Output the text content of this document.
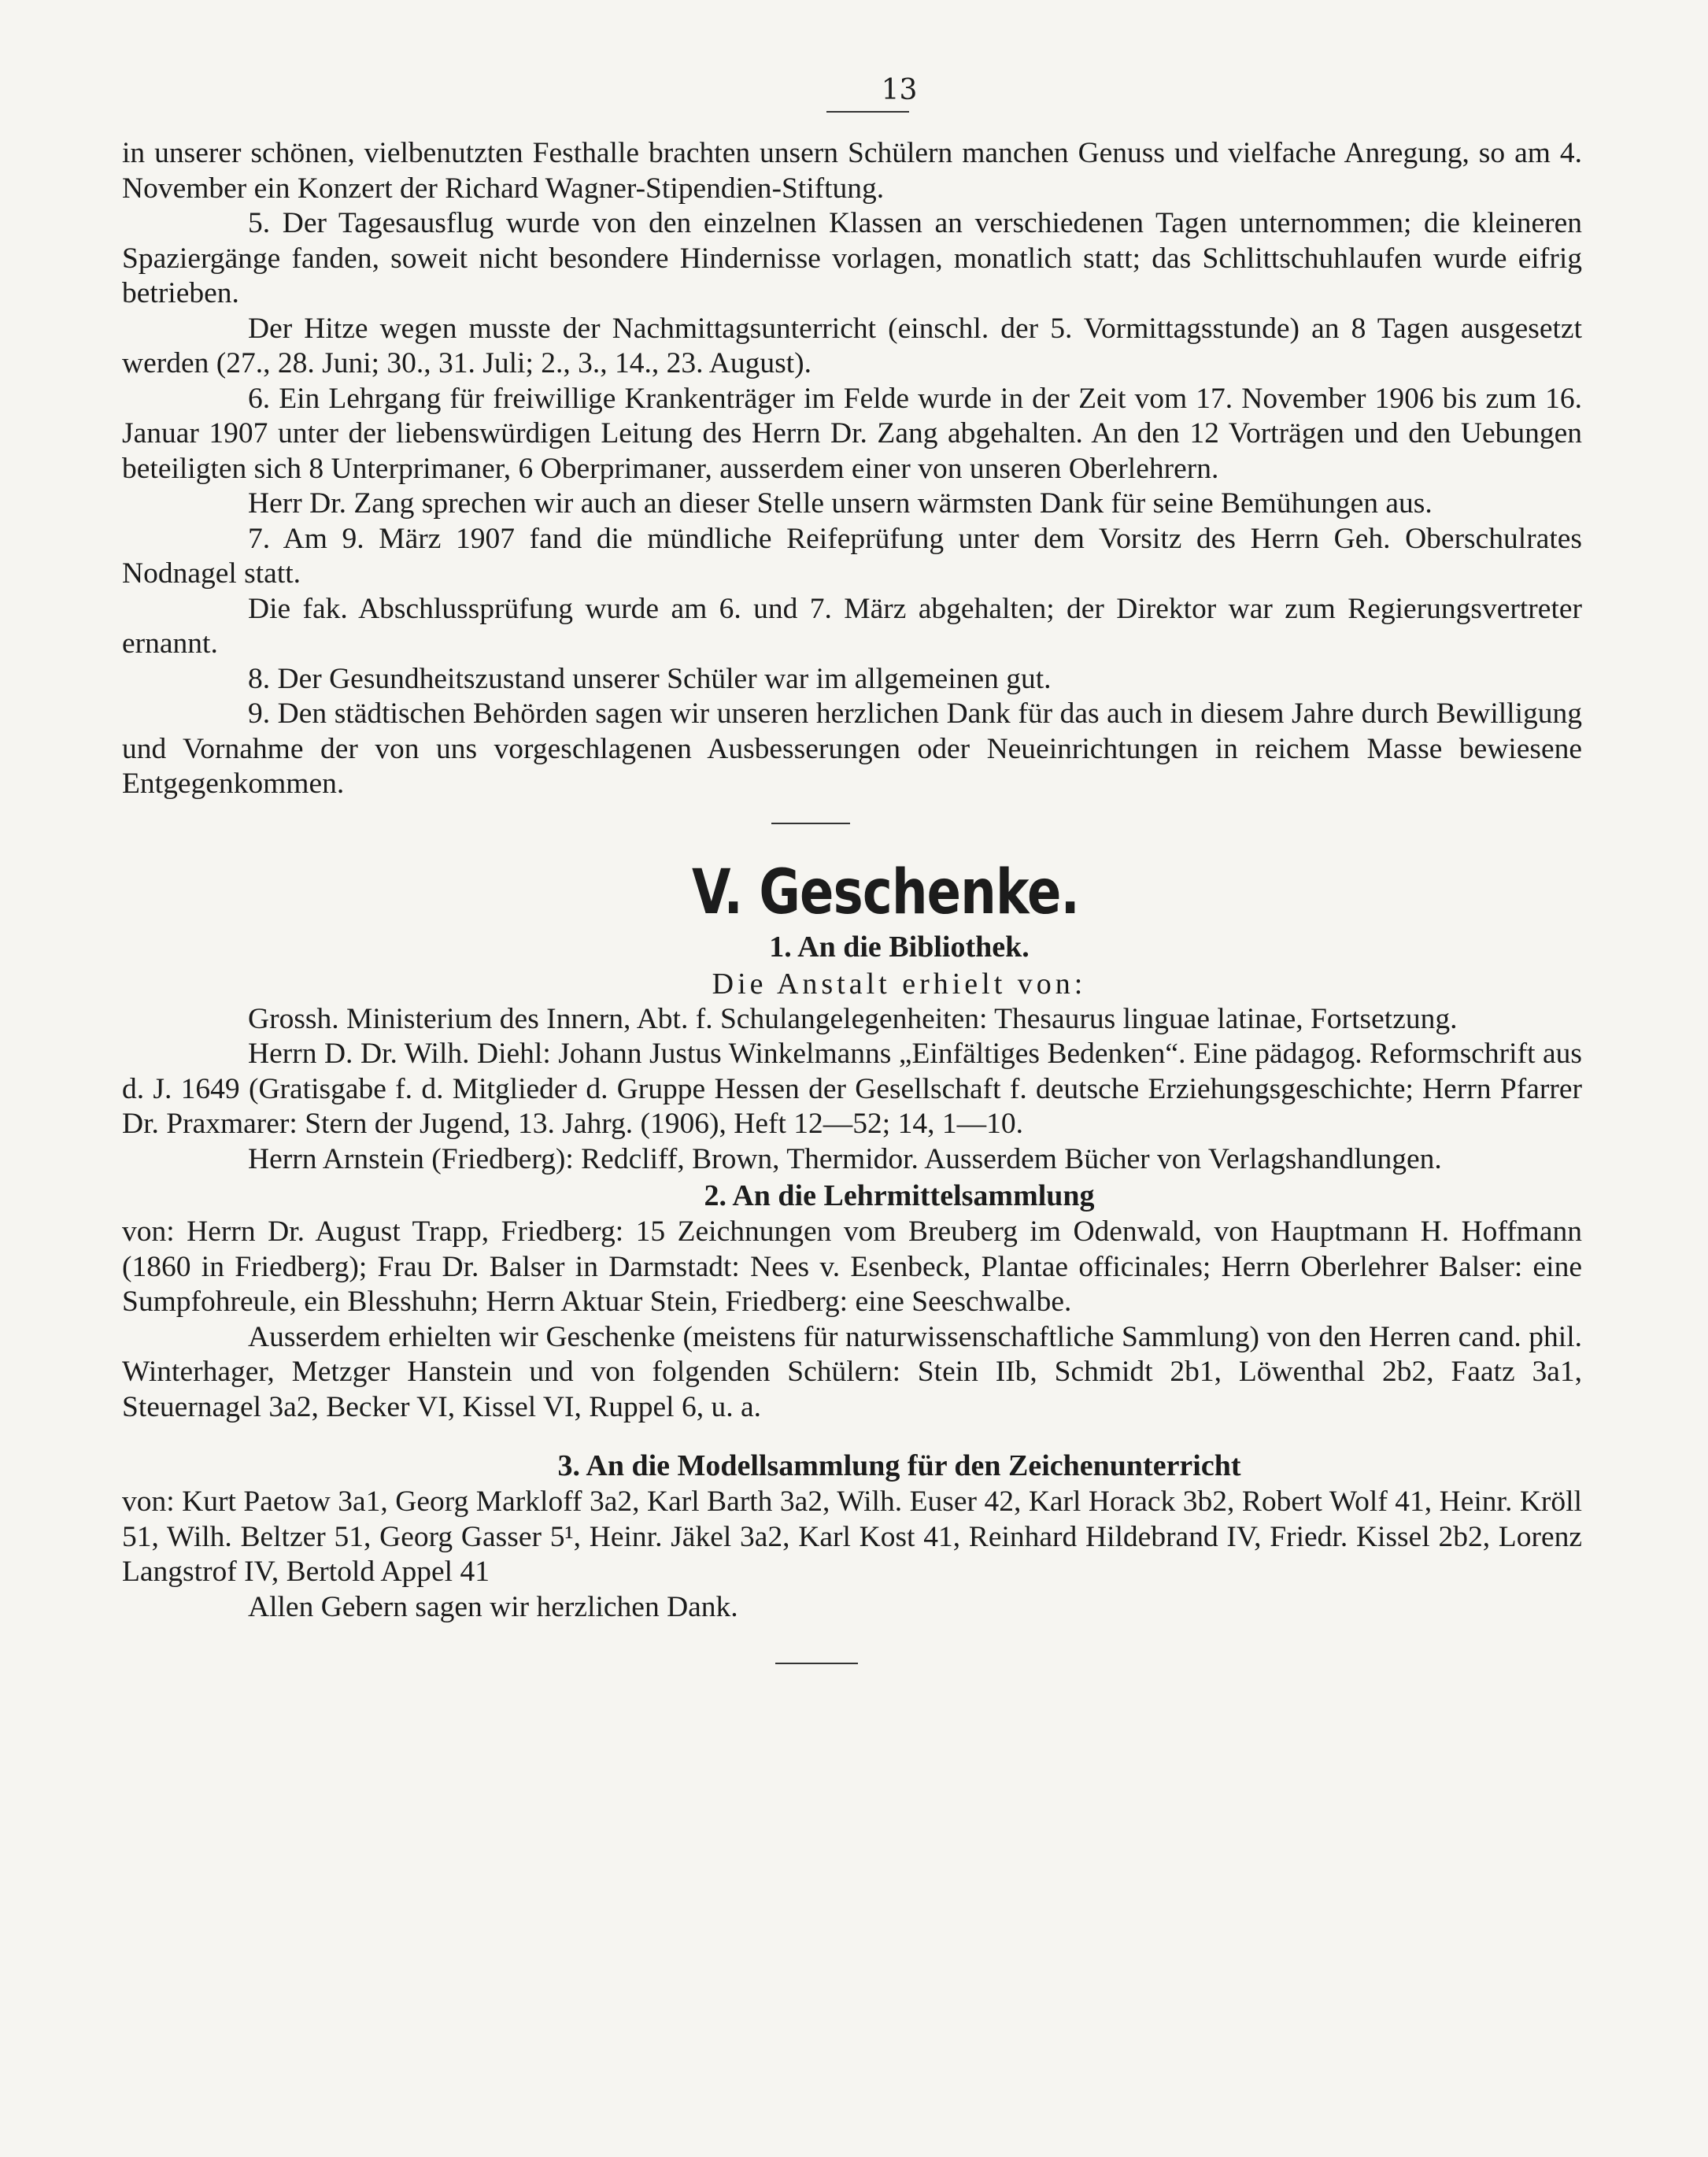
13

in unserer schönen, vielbenutzten Festhalle brachten unsern Schülern manchen Genuss und vielfache Anregung, so am 4. November ein Konzert der Richard Wagner-Stipendien-Stiftung.

5. Der Tagesausflug wurde von den einzelnen Klassen an verschiedenen Tagen unternommen; die kleineren Spaziergänge fanden, soweit nicht besondere Hindernisse vorlagen, monatlich statt; das Schlittschuhlaufen wurde eifrig betrieben.

Der Hitze wegen musste der Nachmittagsunterricht (einschl. der 5. Vormittagsstunde) an 8 Tagen ausgesetzt werden (27., 28. Juni; 30., 31. Juli; 2., 3., 14., 23. August).

6. Ein Lehrgang für freiwillige Krankenträger im Felde wurde in der Zeit vom 17. November 1906 bis zum 16. Januar 1907 unter der liebenswürdigen Leitung des Herrn Dr. Zang abgehalten. An den 12 Vorträgen und den Uebungen beteiligten sich 8 Unterprimaner, 6 Oberprimaner, ausserdem einer von unseren Oberlehrern.

Herr Dr. Zang sprechen wir auch an dieser Stelle unsern wärmsten Dank für seine Bemühungen aus.

7. Am 9. März 1907 fand die mündliche Reifeprüfung unter dem Vorsitz des Herrn Geh. Oberschulrates Nodnagel statt.

Die fak. Abschlussprüfung wurde am 6. und 7. März abgehalten; der Direktor war zum Regierungsvertreter ernannt.

8. Der Gesundheitszustand unserer Schüler war im allgemeinen gut.

9. Den städtischen Behörden sagen wir unseren herzlichen Dank für das auch in diesem Jahre durch Bewilligung und Vornahme der von uns vorgeschlagenen Ausbesserungen oder Neueinrichtungen in reichem Masse bewiesene Entgegenkommen.

V. Geschenke.
1. An die Bibliothek.
Die Anstalt erhielt von:

Grossh. Ministerium des Innern, Abt. f. Schulangelegenheiten: Thesaurus linguae latinae, Fortsetzung.

Herrn D. Dr. Wilh. Diehl: Johann Justus Winkelmanns „Einfältiges Bedenken“. Eine pädagog. Reformschrift aus d. J. 1649 (Gratisgabe f. d. Mitglieder d. Gruppe Hessen der Gesellschaft f. deutsche Erziehungsgeschichte; Herrn Pfarrer Dr. Praxmarer: Stern der Jugend, 13. Jahrg. (1906), Heft 12—52; 14, 1—10.

Herrn Arnstein (Friedberg): Redcliff, Brown, Thermidor. Ausserdem Bücher von Verlagshandlungen.

2. An die Lehrmittelsammlung

von: Herrn Dr. August Trapp, Friedberg: 15 Zeichnungen vom Breuberg im Odenwald, von Hauptmann H. Hoffmann (1860 in Friedberg); Frau Dr. Balser in Darmstadt: Nees v. Esenbeck, Plantae officinales; Herrn Oberlehrer Balser: eine Sumpfohreule, ein Blesshuhn; Herrn Aktuar Stein, Friedberg: eine Seeschwalbe.

Ausserdem erhielten wir Geschenke (meistens für naturwissenschaftliche Sammlung) von den Herren cand. phil. Winterhager, Metzger Hanstein und von folgenden Schülern: Stein IIb, Schmidt 2b1, Löwenthal 2b2, Faatz 3a1, Steuernagel 3a2, Becker VI, Kissel VI, Ruppel 6, u. a.

3. An die Modellsammlung für den Zeichenunterricht

von: Kurt Paetow 3a1, Georg Markloff 3a2, Karl Barth 3a2, Wilh. Euser 42, Karl Horack 3b2, Robert Wolf 41, Heinr. Kröll 51, Wilh. Beltzer 51, Georg Gasser 5¹, Heinr. Jäkel 3a2, Karl Kost 41, Reinhard Hildebrand IV, Friedr. Kissel 2b2, Lorenz Langstrof IV, Bertold Appel 41

Allen Gebern sagen wir herzlichen Dank.
